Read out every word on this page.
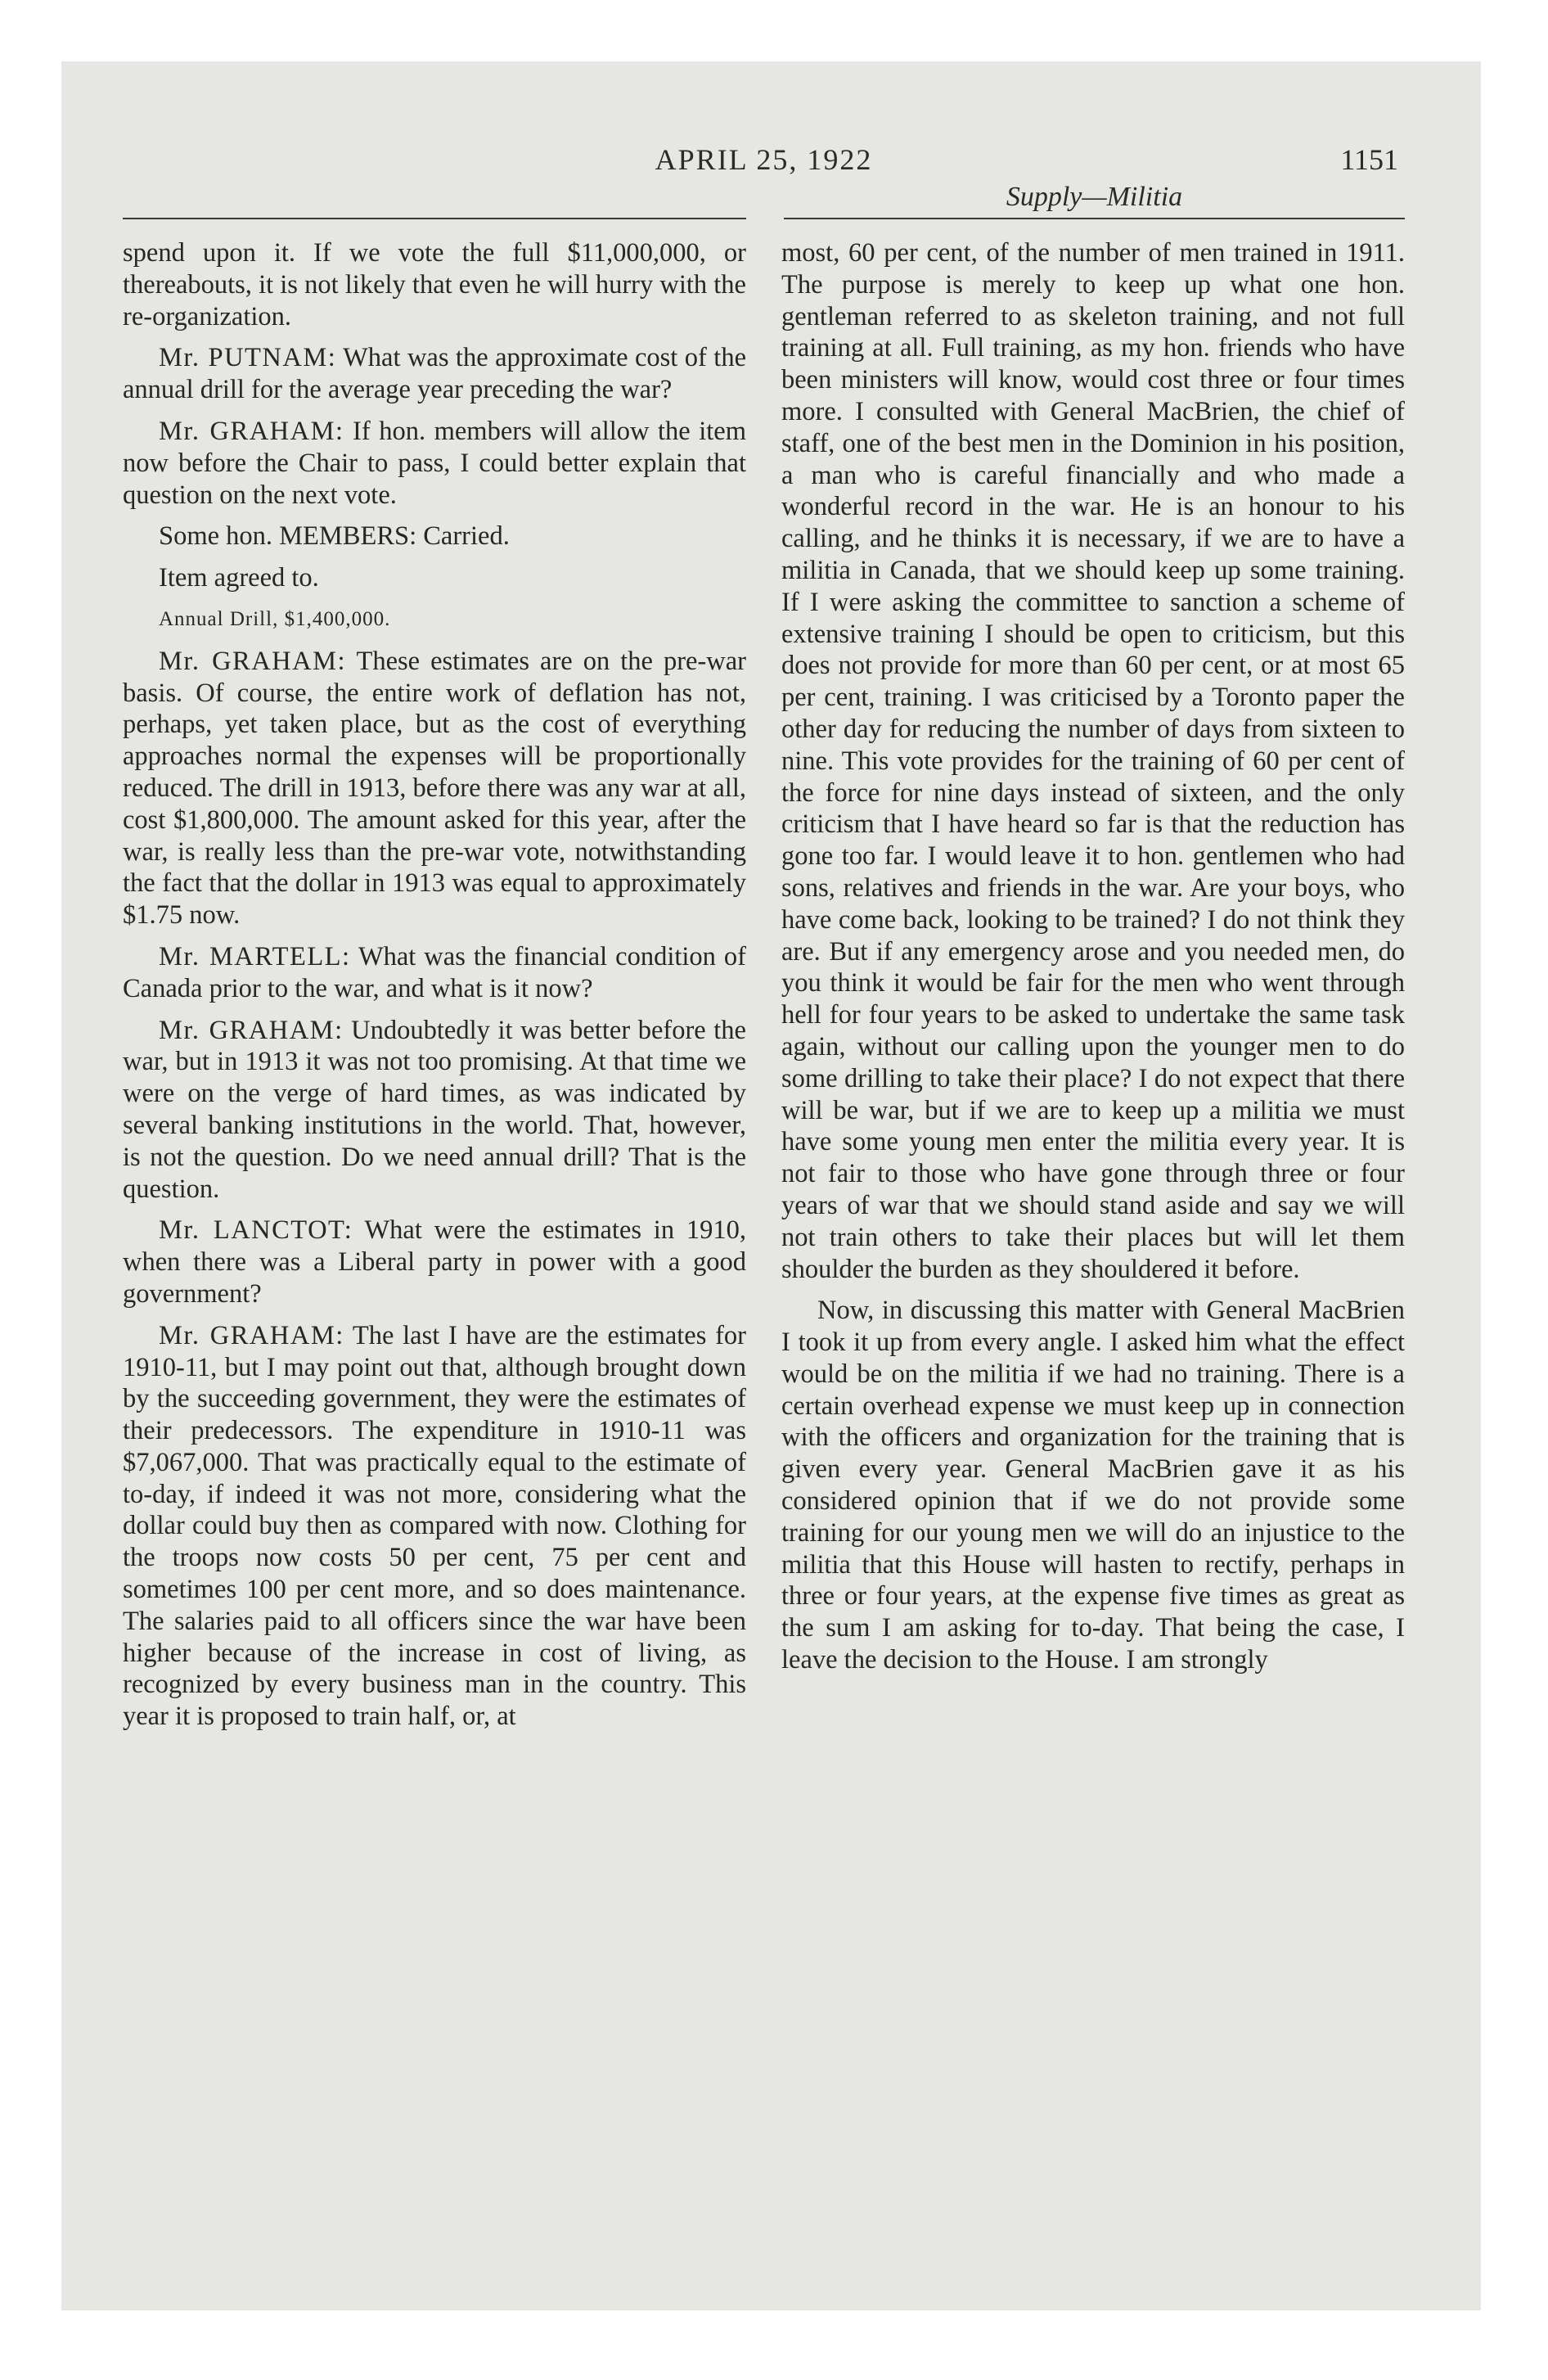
APRIL 25, 1922	1151
Supply—Militia

spend upon it. If we vote the full $11,000,000, or thereabouts, it is not likely that even he will hurry with the re-organization.

Mr. PUTNAM: What was the approximate cost of the annual drill for the average year preceding the war?

Mr. GRAHAM: If hon. members will allow the item now before the Chair to pass, I could better explain that question on the next vote.

Some hon. MEMBERS: Carried.

Item agreed to.

Annual Drill, $1,400,000.

Mr. GRAHAM: These estimates are on the pre-war basis. Of course, the entire work of deflation has not, perhaps, yet taken place, but as the cost of everything approaches normal the expenses will be proportionally reduced. The drill in 1913, before there was any war at all, cost $1,800,000. The amount asked for this year, after the war, is really less than the pre-war vote, notwithstanding the fact that the dollar in 1913 was equal to approximately $1.75 now.

Mr. MARTELL: What was the financial condition of Canada prior to the war, and what is it now?

Mr. GRAHAM: Undoubtedly it was better before the war, but in 1913 it was not too promising. At that time we were on the verge of hard times, as was indicated by several banking institutions in the world. That, however, is not the question. Do we need annual drill? That is the question.

Mr. LANCTOT: What were the estimates in 1910, when there was a Liberal party in power with a good government?

Mr. GRAHAM: The last I have are the estimates for 1910-11, but I may point out that, although brought down by the succeeding government, they were the estimates of their predecessors. The expenditure in 1910-11 was $7,067,000. That was practically equal to the estimate of to-day, if indeed it was not more, considering what the dollar could buy then as compared with now. Clothing for the troops now costs 50 per cent, 75 per cent and sometimes 100 per cent more, and so does maintenance. The salaries paid to all officers since the war have been higher because of the increase in cost of living, as recognized by every business man in the country. This year it is proposed to train half, or, at

most, 60 per cent, of the number of men trained in 1911. The purpose is merely to keep up what one hon. gentleman referred to as skeleton training, and not full training at all. Full training, as my hon. friends who have been ministers will know, would cost three or four times more. I consulted with General MacBrien, the chief of staff, one of the best men in the Dominion in his position, a man who is careful financially and who made a wonderful record in the war. He is an honour to his calling, and he thinks it is necessary, if we are to have a militia in Canada, that we should keep up some training. If I were asking the committee to sanction a scheme of extensive training I should be open to criticism, but this does not provide for more than 60 per cent, or at most 65 per cent, training. I was criticised by a Toronto paper the other day for reducing the number of days from sixteen to nine. This vote provides for the training of 60 per cent of the force for nine days instead of sixteen, and the only criticism that I have heard so far is that the reduction has gone too far. I would leave it to hon. gentlemen who had sons, relatives and friends in the war. Are your boys, who have come back, looking to be trained? I do not think they are. But if any emergency arose and you needed men, do you think it would be fair for the men who went through hell for four years to be asked to undertake the same task again, without our calling upon the younger men to do some drilling to take their place? I do not expect that there will be war, but if we are to keep up a militia we must have some young men enter the militia every year. It is not fair to those who have gone through three or four years of war that we should stand aside and say we will not train others to take their places but will let them shoulder the burden as they shouldered it before.

Now, in discussing this matter with General MacBrien I took it up from every angle. I asked him what the effect would be on the militia if we had no training. There is a certain overhead expense we must keep up in connection with the officers and organization for the training that is given every year. General MacBrien gave it as his considered opinion that if we do not provide some training for our young men we will do an injustice to the militia that this House will hasten to rectify, perhaps in three or four years, at the expense five times as great as the sum I am asking for to-day. That being the case, I leave the decision to the House. I am strongly
